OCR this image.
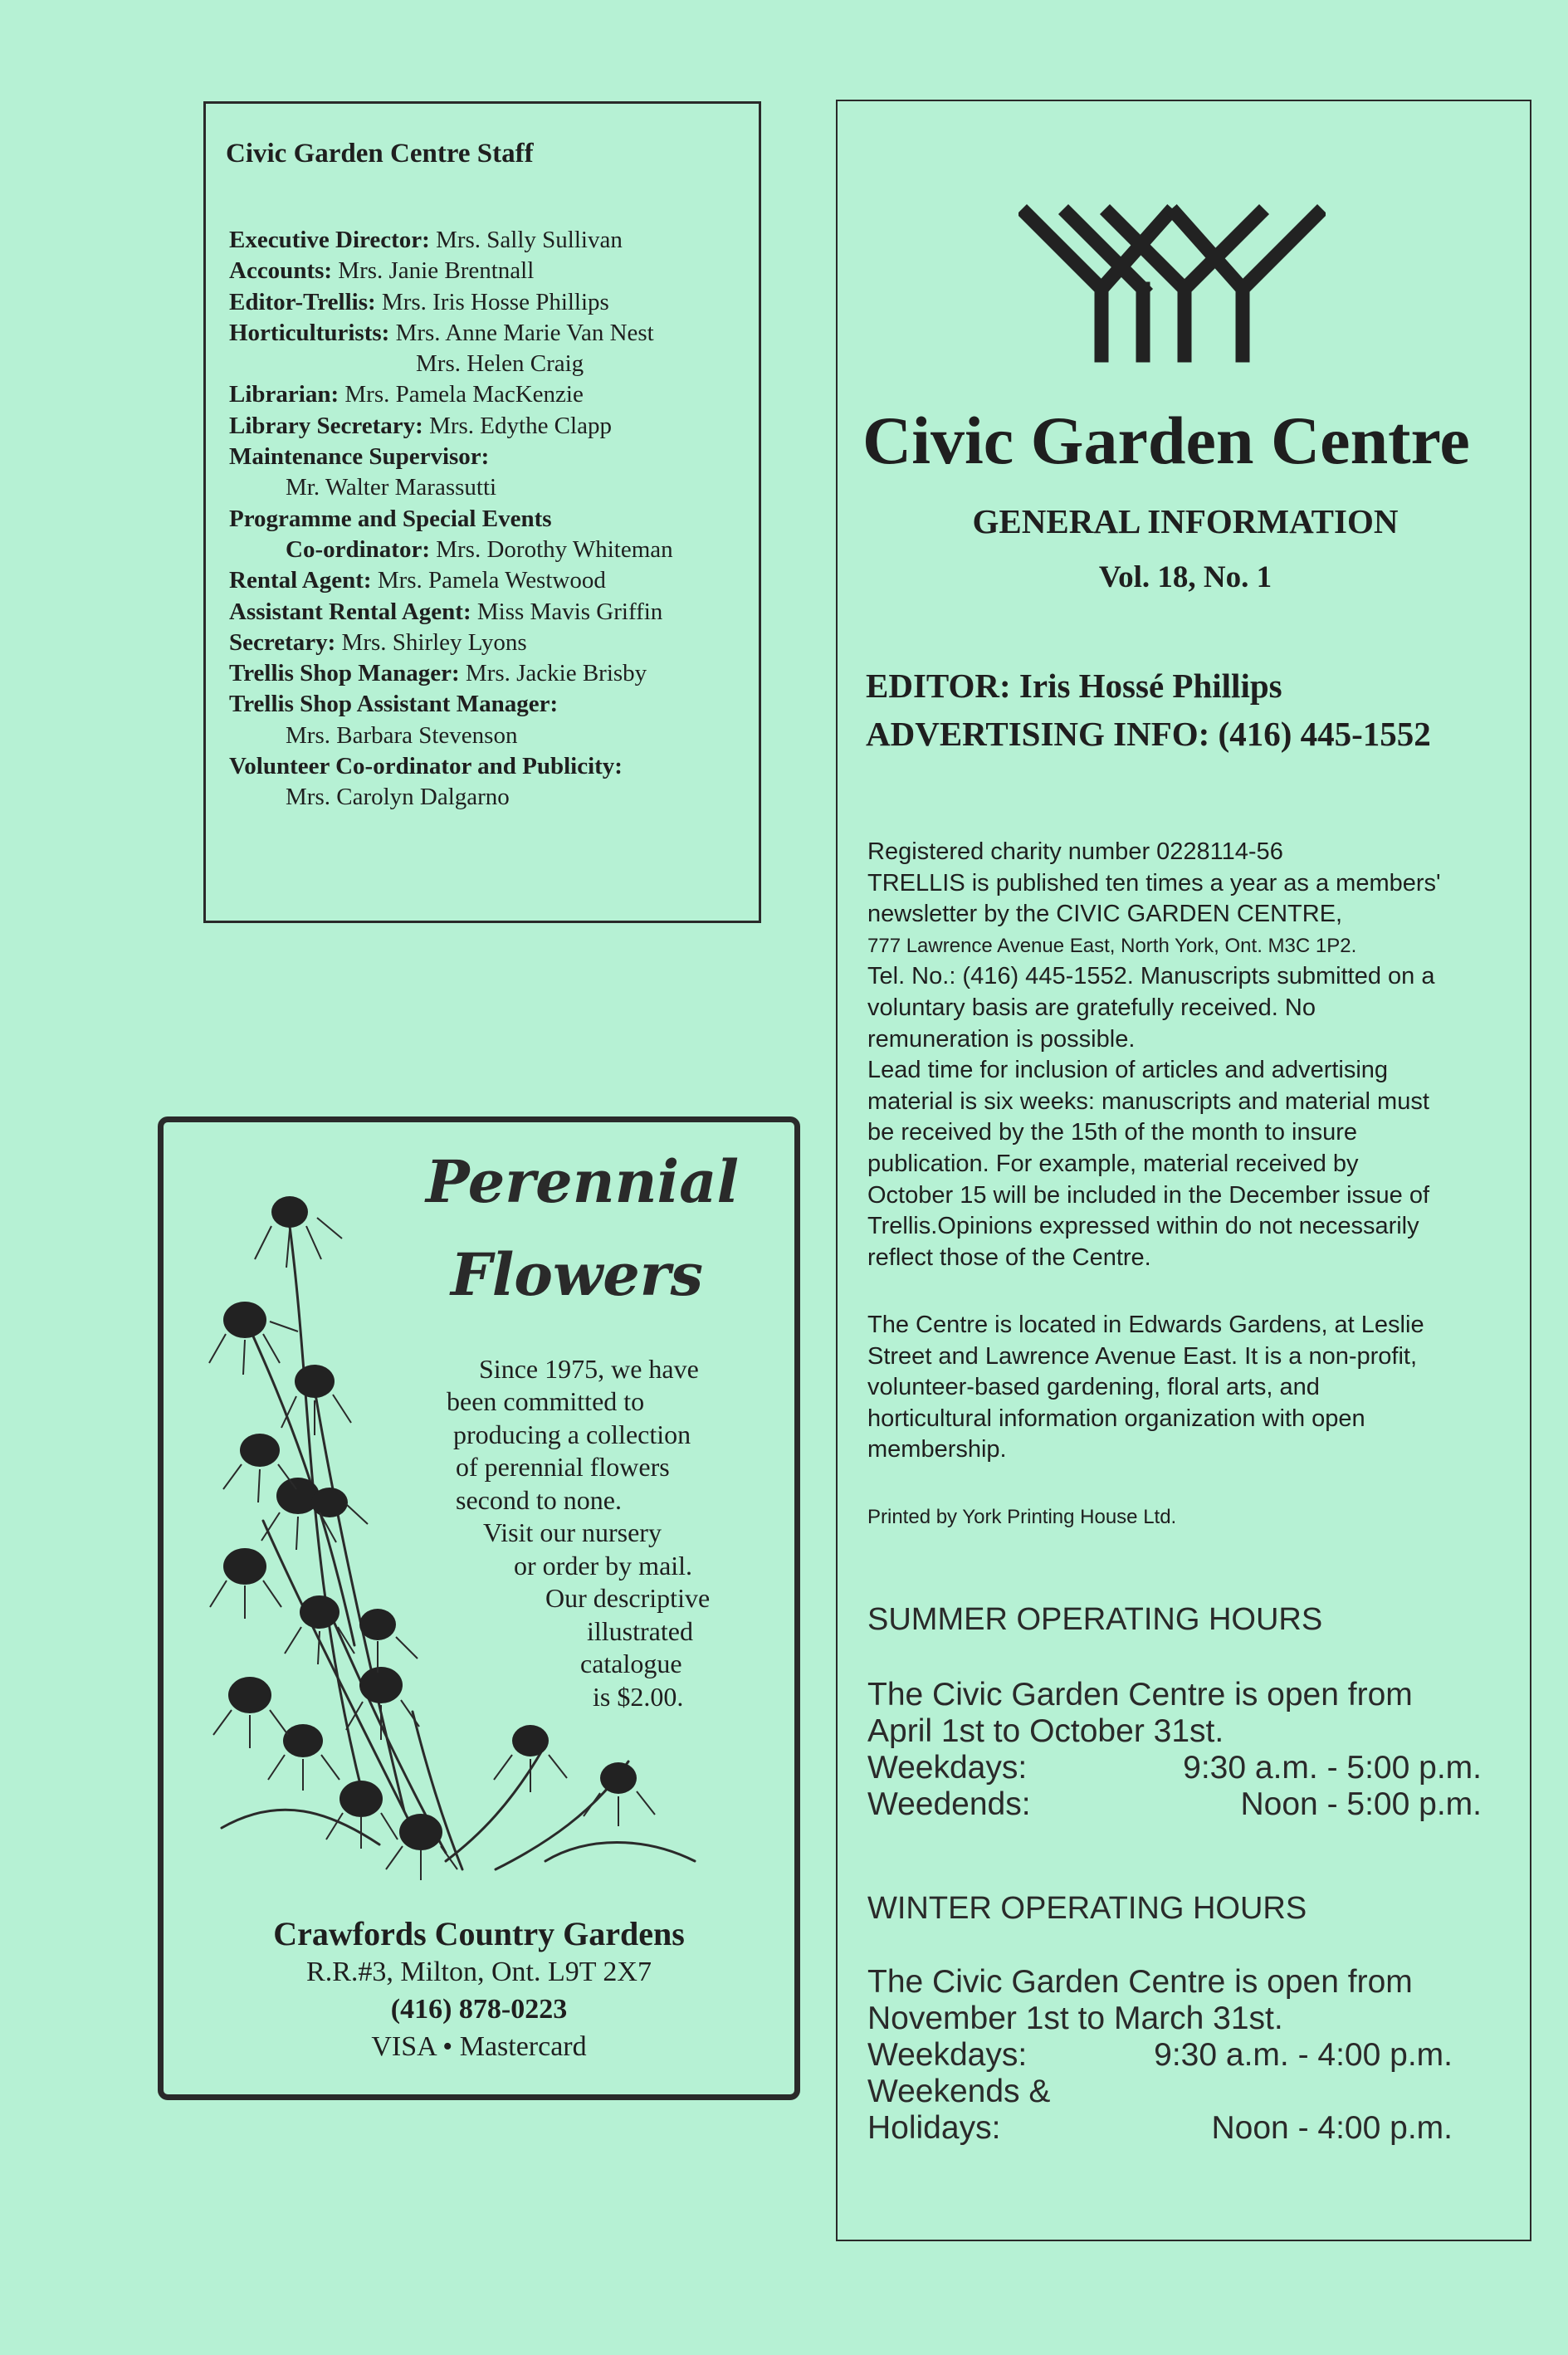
Civic Garden Centre Staff
Executive Director: Mrs. Sally Sullivan
Accounts: Mrs. Janie Brentnall
Editor-Trellis: Mrs. Iris Hosse Phillips
Horticulturists: Mrs. Anne Marie Van Nest
Mrs. Helen Craig
Librarian: Mrs. Pamela MacKenzie
Library Secretary: Mrs. Edythe Clapp
Maintenance Supervisor:
Mr. Walter Marassutti
Programme and Special Events
Co-ordinator: Mrs. Dorothy Whiteman
Rental Agent: Mrs. Pamela Westwood
Assistant Rental Agent: Miss Mavis Griffin
Secretary: Mrs. Shirley Lyons
Trellis Shop Manager: Mrs. Jackie Brisby
Trellis Shop Assistant Manager:
Mrs. Barbara Stevenson
Volunteer Co-ordinator and Publicity:
Mrs. Carolyn Dalgarno
Perennial
Flowers
Since 1975, we have
been committed to
producing a collection
of perennial flowers
second to none.
Visit our nursery
or order by mail.
Our descriptive
illustrated
catalogue
is $2.00.
Crawfords Country Gardens
R.R.#3, Milton, Ont. L9T 2X7
(416) 878-0223
VISA • Mastercard
Civic Garden Centre
GENERAL INFORMATION
Vol. 18, No. 1
EDITOR: Iris Hossé Phillips
ADVERTISING INFO: (416) 445-1552
Registered charity number 0228114-56
TRELLIS is published ten times a year as a members'
newsletter by the CIVIC GARDEN CENTRE,
777 Lawrence Avenue East, North York, Ont. M3C 1P2.
Tel. No.: (416) 445-1552. Manuscripts submitted on a
voluntary basis are gratefully received. No
remuneration is possible.
Lead time for inclusion of articles and advertising
material is six weeks: manuscripts and material must
be received by the 15th of the month to insure
publication. For example, material received by
October 15 will be included in the December issue of
Trellis.Opinions expressed within do not necessarily
reflect those of the Centre.
The Centre is located in Edwards Gardens, at Leslie
Street and Lawrence Avenue East. It is a non-profit,
volunteer-based gardening, floral arts, and
horticultural information organization with open
membership.
Printed by York Printing House Ltd.
SUMMER OPERATING HOURS
The Civic Garden Centre is open from
April 1st to October 31st.
Weekdays:	9:30 a.m. - 5:00 p.m.
Weedends:	Noon - 5:00 p.m.
WINTER OPERATING HOURS
The Civic Garden Centre is open from
November 1st to March 31st.
Weekdays:	9:30 a.m. - 4:00 p.m.
Weekends &
Holidays:	Noon - 4:00 p.m.
